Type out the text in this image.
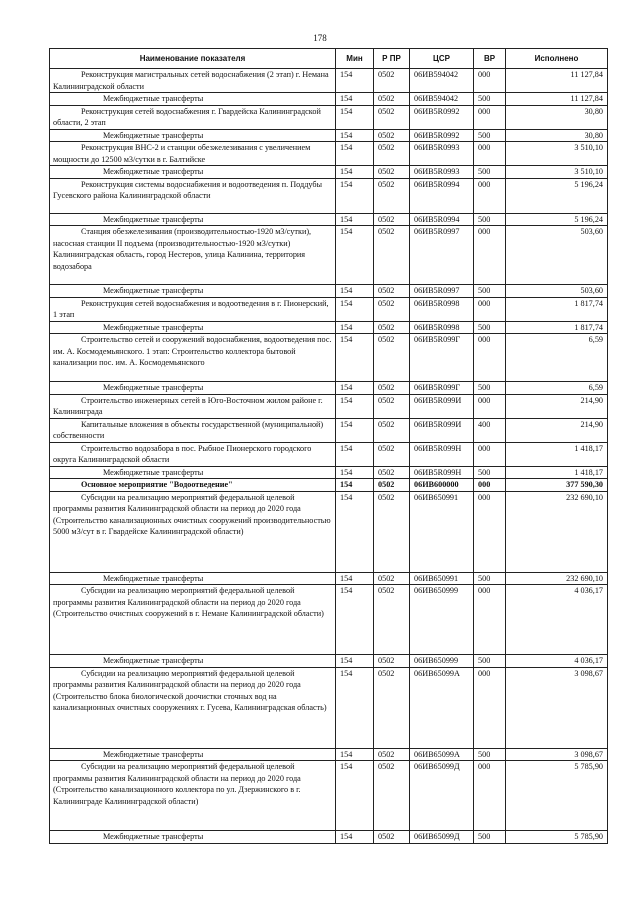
178
Наименование показателя	Мин	Р ПР	ЦСР	ВР	Исполнено
Реконструкция магистральных сетей водоснабжения (2 этап) г. Немана Калининградской области	154	0502	06ИВ594042	000	11 127,84
Межбюджетные трансферты	154	0502	06ИВ594042	500	11 127,84
Реконструкция сетей водоснабжения г. Гвардейска Калининградской области, 2 этап	154	0502	06ИВ5R0992	000	30,80
Межбюджетные трансферты	154	0502	06ИВ5R0992	500	30,80
Реконструкция ВНС-2 и станции обезжелезивания с увеличением мощности до 12500 м3/сутки в г. Балтийске	154	0502	06ИВ5R0993	000	3 510,10
Межбюджетные трансферты	154	0502	06ИВ5R0993	500	3 510,10
Реконструкция системы водоснабжения и водоотведения п. Поддубы Гусевского района Калининградской области	154	0502	06ИВ5R0994	000	5 196,24
Межбюджетные трансферты	154	0502	06ИВ5R0994	500	5 196,24
Станция обезжелезивания (производительностью-1920 м3/сутки), насосная станции II подъема (производительностью-1920 м3/сутки) Калининградская область, город Нестеров, улица Калинина, территория водозабора	154	0502	06ИВ5R0997	000	503,60
Межбюджетные трансферты	154	0502	06ИВ5R0997	500	503,60
Реконструкция сетей водоснабжения и водоотведения в г. Пионерский, 1 этап	154	0502	06ИВ5R0998	000	1 817,74
Межбюджетные трансферты	154	0502	06ИВ5R0998	500	1 817,74
Строительство сетей и сооружений водоснабжения, водоотведения пос. им. А. Космодемьянского. 1 этап: Строительство коллектора бытовой канализации пос. им. А. Космодемьянского	154	0502	06ИВ5R099Г	000	6,59
Межбюджетные трансферты	154	0502	06ИВ5R099Г	500	6,59
Строительство инженерных сетей в Юго-Восточном жилом районе г. Калининграда	154	0502	06ИВ5R099И	000	214,90
Капитальные вложения в объекты государственной (муниципальной) собственности	154	0502	06ИВ5R099И	400	214,90
Строительство водозабора в пос. Рыбное Пионерского городского округа Калининградской области	154	0502	06ИВ5R099Н	000	1 418,17
Межбюджетные трансферты	154	0502	06ИВ5R099Н	500	1 418,17
Основное мероприятие "Водоотведение"	154	0502	06ИВ600000	000	377 590,30
Субсидии на реализацию мероприятий федеральной целевой программы развития Калининградской области на период до 2020 года (Строительство канализационных очистных сооружений производительностью 5000 м3/сут в г. Гвардейске Калининградской области)	154	0502	06ИВ650991	000	232 690,10
Межбюджетные трансферты	154	0502	06ИВ650991	500	232 690,10
Субсидии на реализацию мероприятий федеральной целевой программы развития Калининградской области на период до 2020 года (Строительство очистных сооружений в г. Немане Калининградской области)	154	0502	06ИВ650999	000	4 036,17
Межбюджетные трансферты	154	0502	06ИВ650999	500	4 036,17
Субсидии на реализацию мероприятий федеральной целевой программы развития Калининградской области на период до 2020 года (Строительство блока биологической доочистки сточных вод на канализационных очистных сооружениях г. Гусева, Калининградская область)	154	0502	06ИВ65099А	000	3 098,67
Межбюджетные трансферты	154	0502	06ИВ65099А	500	3 098,67
Субсидии на реализацию мероприятий федеральной целевой программы развития Калининградской области на период до 2020 года (Строительство канализационного коллектора по ул. Дзержинского в г. Калининграде Калининградской области)	154	0502	06ИВ65099Д	000	5 785,90
Межбюджетные трансферты	154	0502	06ИВ65099Д	500	5 785,90
